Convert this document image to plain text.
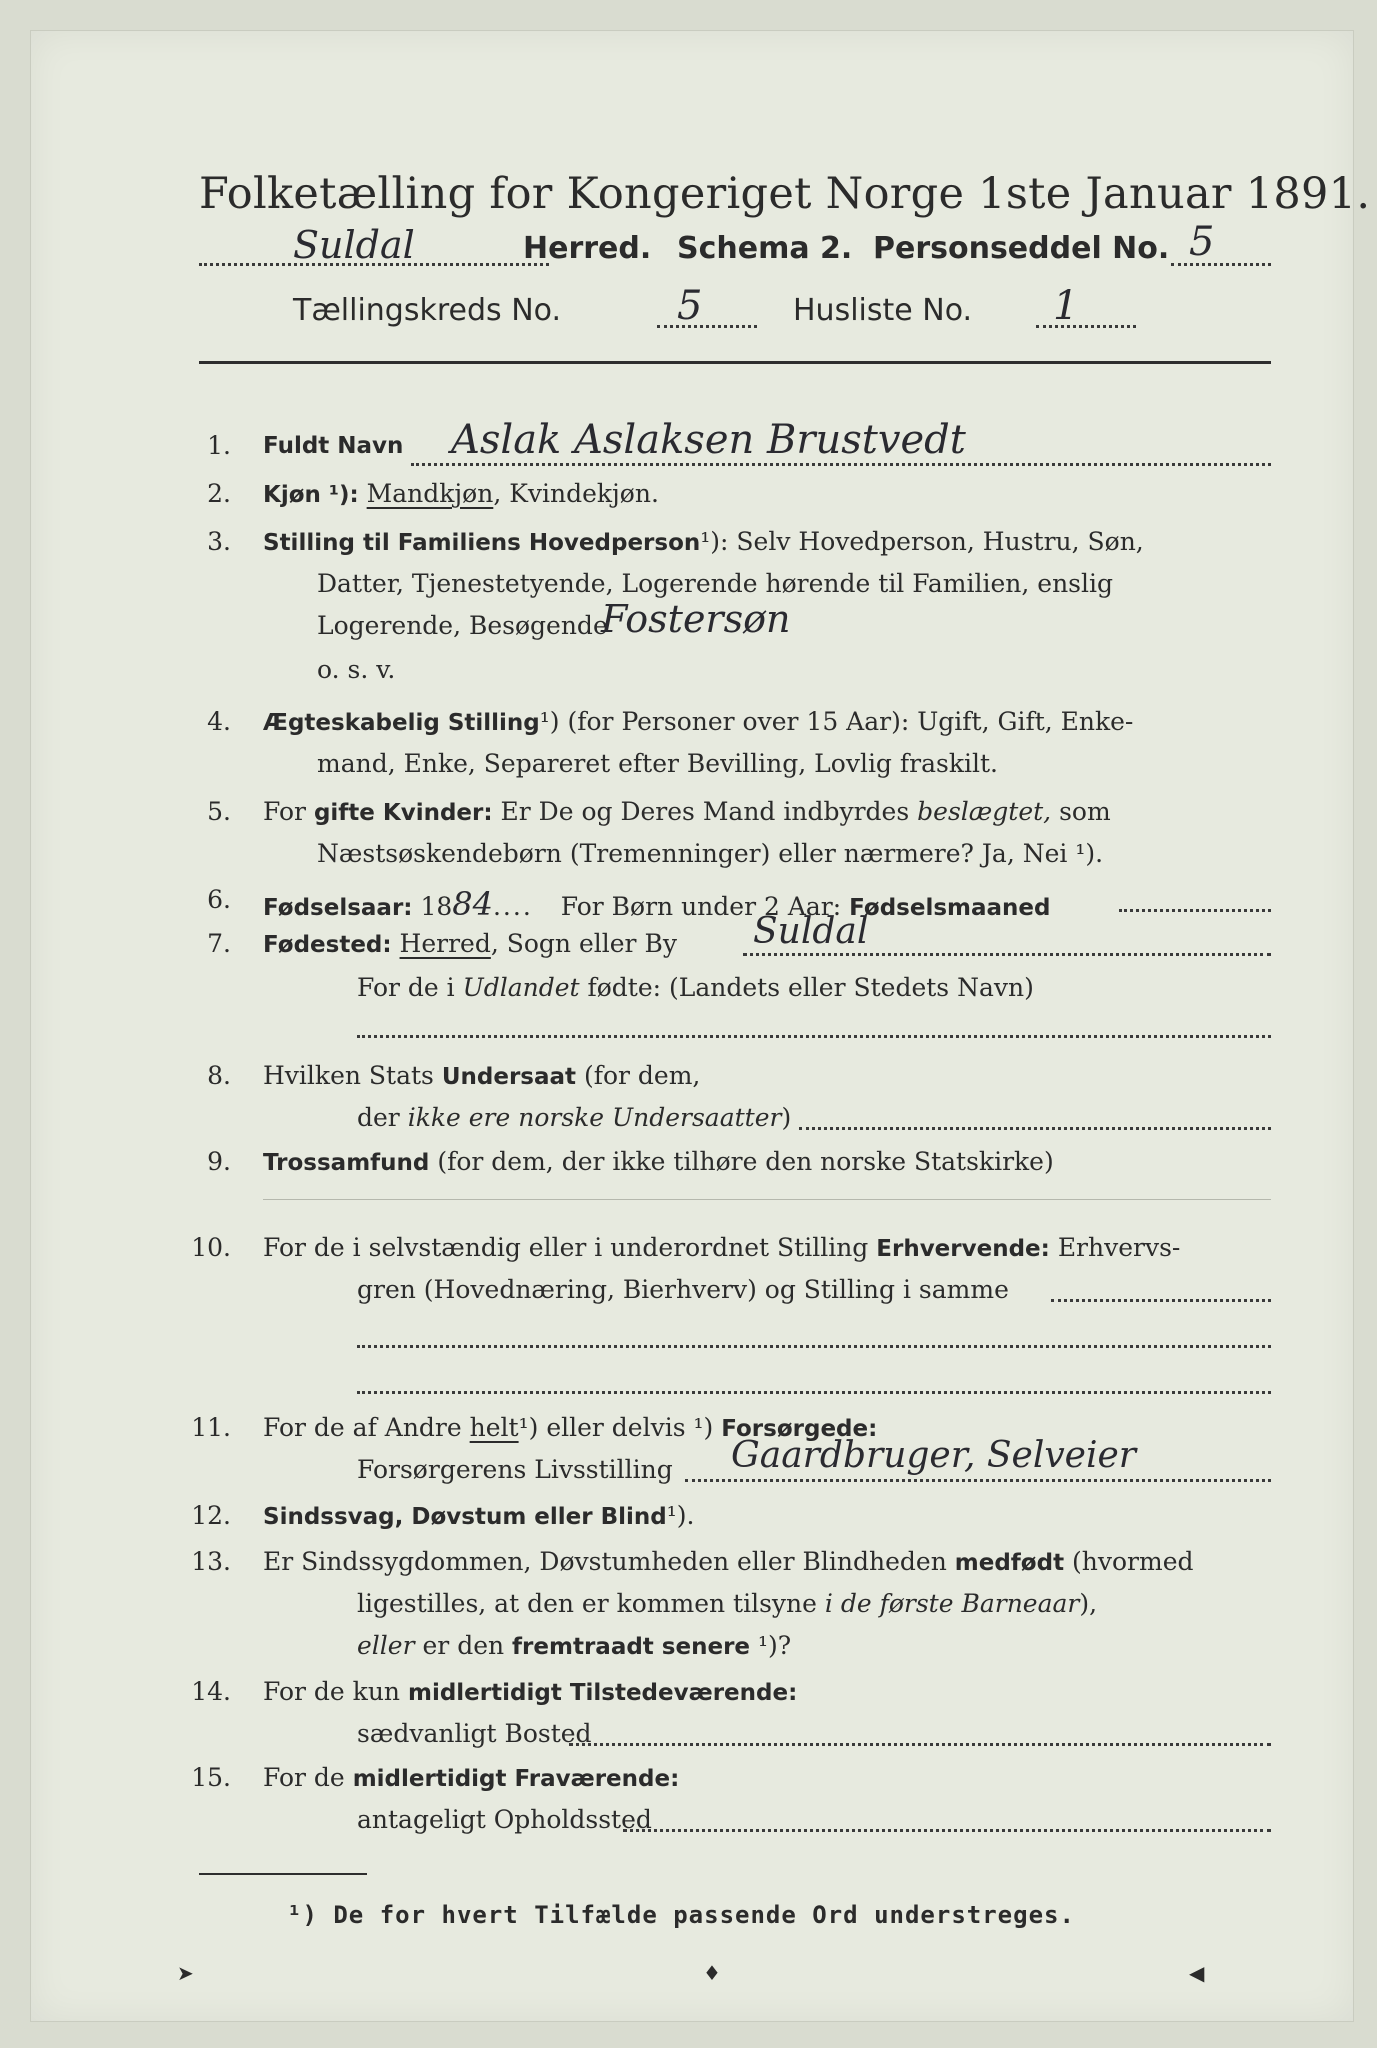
Folketælling for Kongeriget Norge 1ste Januar 1891.
Suldal	Herred. Schema 2. Personseddel No. 5
Tællingskreds No.	5	Husliste No. 1
1. Fuldt Navn Aslak Aslaksen Brustvedt
2. Kjøn ¹): Mandkjøn, Kvindekjøn.
3. Stilling til Familiens Hovedperson¹): Selv Hovedperson, Hustru, Søn,
Datter, Tjenestetyende, Logerende hørende til Familien, enslig
Logerende, Besøgende
Fostersøn
o. s. v.
4. Ægteskabelig Stilling¹) (for Personer over 15 Aar): Ugift, Gift, Enke-
mand, Enke, Separeret efter Bevilling, Lovlig fraskilt.
5. For gifte Kvinder: Er De og Deres Mand indbyrdes beslægtet, som
Næstsøskendebørn (Tremenninger) eller nærmere? Ja, Nei ¹).
6. Fødselsaar: 1884.... For Børn under 2 Aar: Fødselsmaaned
7. Fødested: Herred, Sogn eller By Suldal
For de i Udlandet fødte: (Landets eller Stedets Navn)
8. Hvilken Stats Undersaat (for dem,
der ikke ere norske Undersaatter)
9. Trossamfund (for dem, der ikke tilhøre den norske Statskirke)
10. For de i selvstændig eller i underordnet Stilling Erhvervende: Erhvervs-
gren (Hovednæring, Bierhverv) og Stilling i samme
11. For de af Andre helt¹) eller delvis ¹) Forsørgede:
Forsørgerens Livsstilling Gaardbruger, Selveier
12. Sindssvag, Døvstum eller Blind¹).
13. Er Sindssygdommen, Døvstumheden eller Blindheden medfødt (hvormed
ligestilles, at den er kommen tilsyne i de første Barneaar),
eller er den fremtraadt senere ¹)?
14. For de kun midlertidigt Tilstedeværende:
sædvanligt Bosted
15. For de midlertidigt Fraværende:
antageligt Opholdssted
¹) De for hvert Tilfælde passende Ord understreges.
➤	♦	◀
